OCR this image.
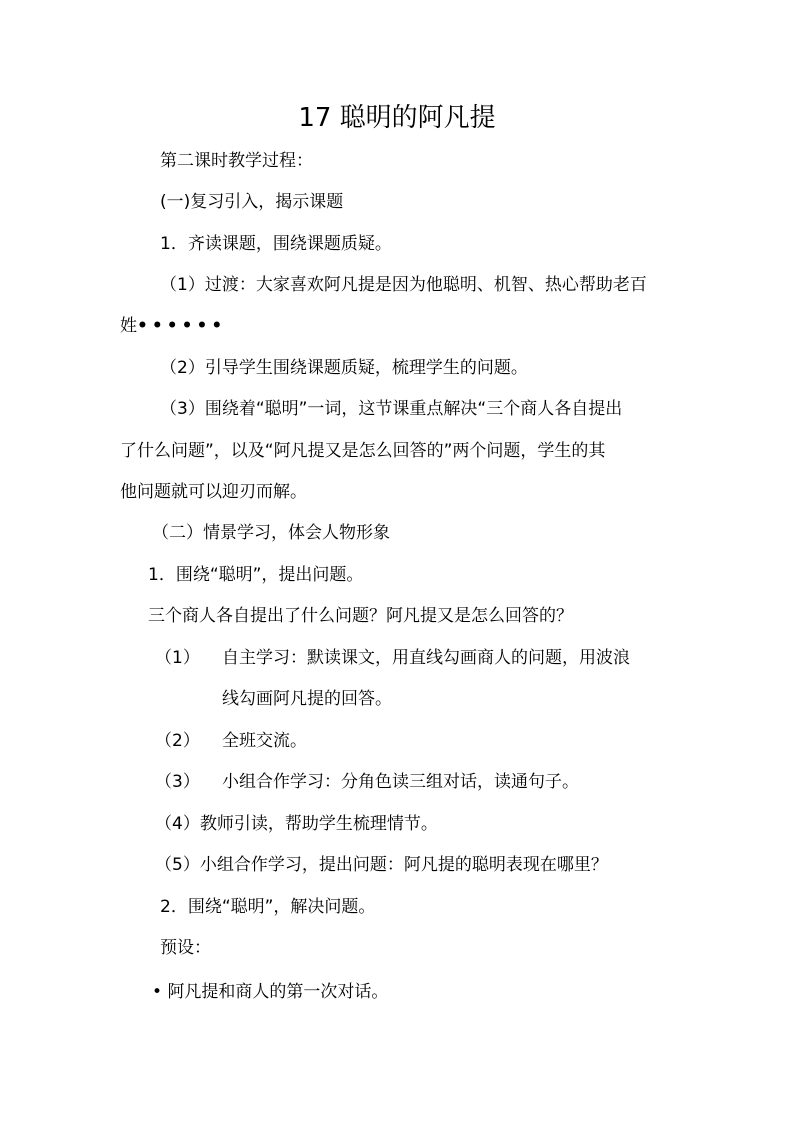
17 聪明的阿凡提
第二课时教学过程：
(一)复习引入，揭示课题
1．齐读课题，围绕课题质疑。
（1）过渡：大家喜欢阿凡提是因为他聪明、机智、热心帮助老百
姓••••••
（2）引导学生围绕课题质疑，梳理学生的问题。
（3）围绕着“聪明”一词，这节课重点解决“三个商人各自提出
了什么问题”，以及“阿凡提又是怎么回答的”两个问题，学生的其
他问题就可以迎刃而解。
（二）情景学习，体会人物形象
1．围绕“聪明”，提出问题。
三个商人各自提出了什么问题？阿凡提又是怎么回答的？
（1） 自主学习：默读课文，用直线勾画商人的问题，用波浪
线勾画阿凡提的回答。
（2） 全班交流。
（3） 小组合作学习：分角色读三组对话，读通句子。
（4）教师引读，帮助学生梳理情节。
（5）小组合作学习，提出问题：阿凡提的聪明表现在哪里？
2．围绕“聪明”，解决问题。
预设：
• 阿凡提和商人的第一次对话。
